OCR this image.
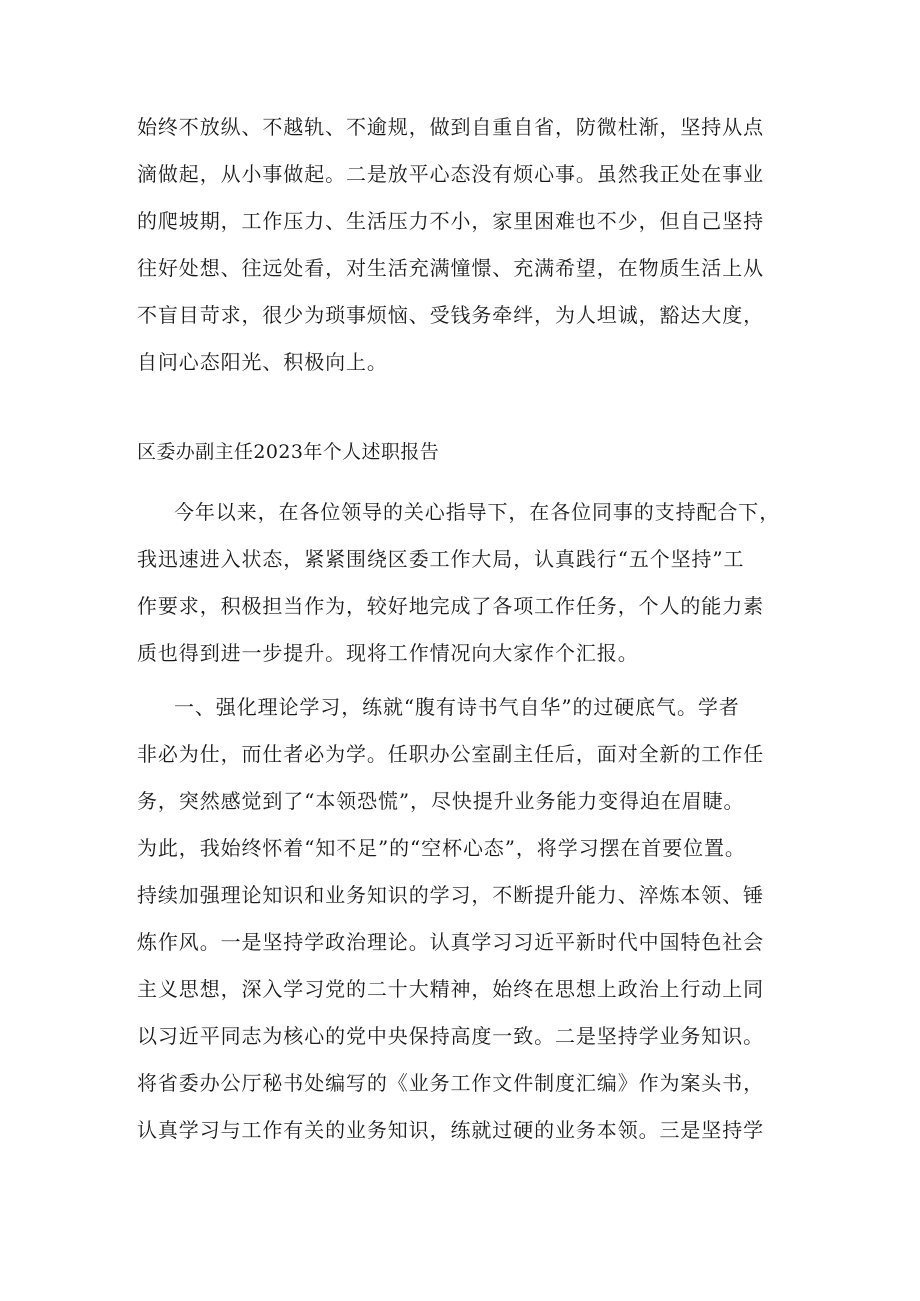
始终不放纵、不越轨、不逾规，做到自重自省，防微杜渐，坚持从点
滴做起，从小事做起。二是放平心态没有烦心事。虽然我正处在事业
的爬坡期，工作压力、生活压力不小，家里困难也不少，但自己坚持
往好处想、往远处看，对生活充满憧憬、充满希望，在物质生活上从
不盲目苛求，很少为琐事烦恼、受钱务牵绊，为人坦诚，豁达大度，
自问心态阳光、积极向上。
区委办副主任2023年个人述职报告
今年以来，在各位领导的关心指导下，在各位同事的支持配合下，
我迅速进入状态，紧紧围绕区委工作大局，认真践行“五个坚持”工
作要求，积极担当作为，较好地完成了各项工作任务，个人的能力素
质也得到进一步提升。现将工作情况向大家作个汇报。
一、强化理论学习，练就“腹有诗书气自华”的过硬底气。学者
非必为仕，而仕者必为学。任职办公室副主任后，面对全新的工作任
务，突然感觉到了“本领恐慌”，尽快提升业务能力变得迫在眉睫。
为此，我始终怀着“知不足”的“空杯心态”，将学习摆在首要位置。
持续加强理论知识和业务知识的学习，不断提升能力、淬炼本领、锤
炼作风。一是坚持学政治理论。认真学习习近平新时代中国特色社会
主义思想，深入学习党的二十大精神，始终在思想上政治上行动上同
以习近平同志为核心的党中央保持高度一致。二是坚持学业务知识。
将省委办公厅秘书处编写的《业务工作文件制度汇编》作为案头书，
认真学习与工作有关的业务知识，练就过硬的业务本领。三是坚持学
